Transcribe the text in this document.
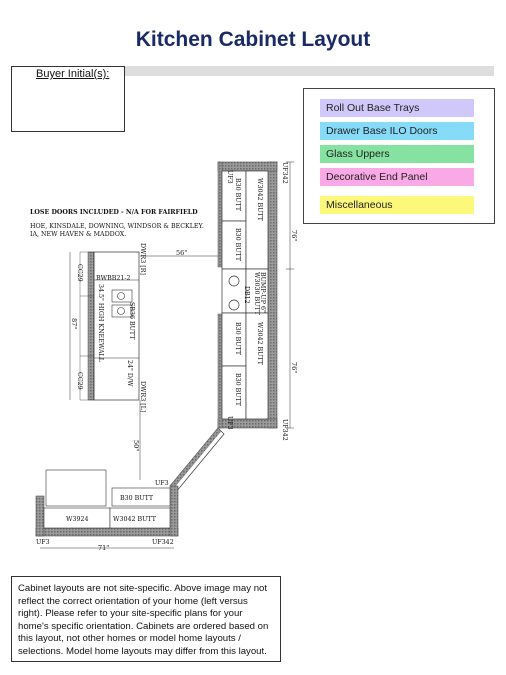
Kitchen Cabinet Layout
Buyer Initial(s):
Roll Out Base Trays
Drawer Base ILO Doors
Glass Uppers
Decorative End Panel
Miscellaneous
LOSE DOORS INCLUDED - N/A FOR FAIRFIELD
HOE, KINSDALE, DOWNING, WINDSOR & BECKLEY.
IA, NEW HAVEN & MADDOX.
B30 BUTT
B30 BUTT
W3042 BUTT
W3030 BUTT BUMP-UP 6"
DB12
B30 BUTT
B30 BUTT
W3042 BUTT
UF342
UF3
UF342
UF3
76"
76"
56"
BWBB21-2
CC29
CC29
SB36 BUTT
24" D/W
34.5" HIGH KNEEWALL
DWR3 [R]
DWR3 [L]
87"
50"
B30 BUTT
W3924	W3042 BUTT
UF3
UF3	UF342
71"
Cabinet layouts are not site-specific. Above image may not reflect the correct orientation of your home (left versus right). Please refer to your site-specific plans for your home's specific orientation. Cabinets are ordered based on this layout, not other homes or model home layouts / selections. Model home layouts may differ from this layout.
